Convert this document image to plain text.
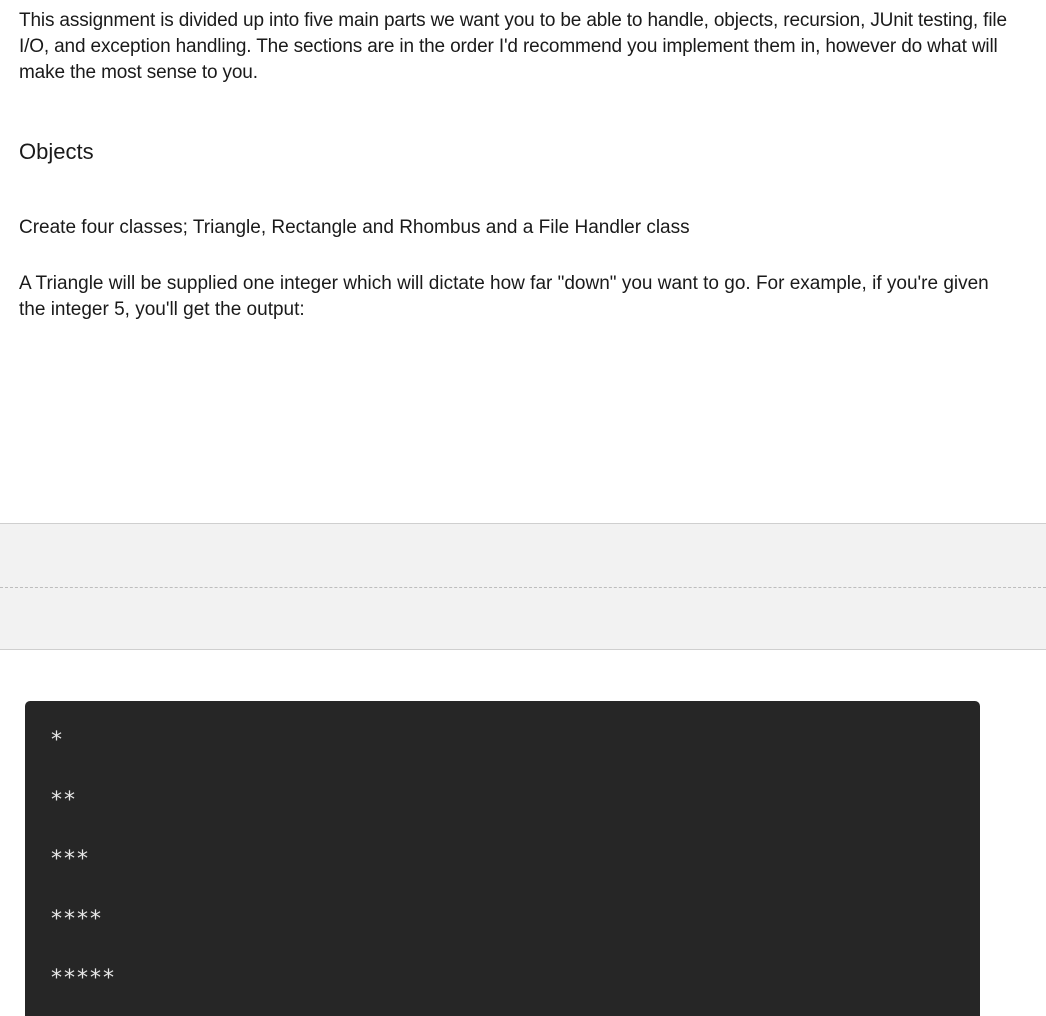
This assignment is divided up into five main parts we want you to be able to handle, objects, recursion, JUnit testing, file I/O, and exception handling. The sections are in the order I'd recommend you implement them in, however do what will make the most sense to you.

Objects

Create four classes; Triangle, Rectangle and Rhombus and a File Handler class

A Triangle will be supplied one integer which will dictate how far "down" you want to go. For example, if you're given the integer 5, you'll get the output:

*
**
***
****
*****
